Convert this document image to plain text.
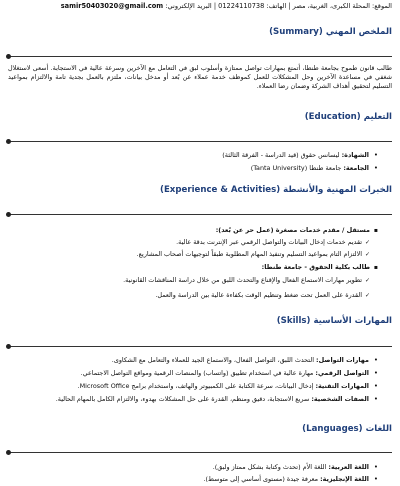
الموقع: المحلة الكبرى، الغربية، مصر | الهاتف: 01224110738 | البريد الإلكتروني: samir50403020@gmail.com
الملخص المهني (Summary)
طالب قانون طموح بجامعة طنطا، أتمتع بمهارات تواصل ممتازة وأسلوب لبق في التعامل مع الآخرين وسرعة عالية في الاستجابة. أسعى لاستغلال شغفي في مساعدة الآخرين وحل المشكلات للعمل كموظف خدمة عملاء عن بُعد أو مدخل بيانات، ملتزم بالعمل بجدية تامة والالتزام بمواعيد التسليم لتحقيق أهداف الشركة وضمان رضا العملاء.
التعليم (Education)
• الشهادة: ليسانس حقوق (قيد الدراسة - الفرقة الثالثة)
• الجامعة: جامعة طنطا (Tanta University)
الخبرات المهنية والأنشطة (Experience & Activities)
▪ مستقل / مقدم خدمات مصغرة (عمل حر عن بُعد):
✓ تقديم خدمات إدخال البيانات والتواصل الرقمي عبر الإنترنت بدقة عالية.
✓ الالتزام التام بمواعيد التسليم وتنفيذ المهام المطلوبة طبقاً لتوجيهات أصحاب المشاريع.
▪ طالب بكلية الحقوق - جامعة طنطا:
✓ تطوير مهارات الاستماع الفعال والإقناع والتحدث اللبق من خلال دراسة المناقشات القانونية.
✓ القدرة على العمل تحت ضغط وتنظيم الوقت بكفاءة عالية بين الدراسة والعمل.
المهارات الأساسية (Skills)
• مهارات التواصل: التحدث اللبق، التواصل الفعال، والاستماع الجيد للعملاء والتعامل مع الشكاوى.
• التواصل الرقمي: مهارة عالية في استخدام تطبيق (واتساب) والمنصات الرقمية ومواقع التواصل الاجتماعي.
• المهارات التقنية: إدخال البيانات، سرعة الكتابة على الكمبيوتر والهاتف، واستخدام برامج Microsoft Office.
• الصفات الشخصية: سريع الاستجابة، دقيق ومنظم، القدرة على حل المشكلات بهدوء، والالتزام الكامل بالمهام الحالية.
اللغات (Languages)
• اللغة العربية: اللغة الأم (تحدث وكتابة بشكل ممتاز ولبق).
• اللغة الإنجليزية: معرفة جيدة (مستوى أساسي إلى متوسط).
